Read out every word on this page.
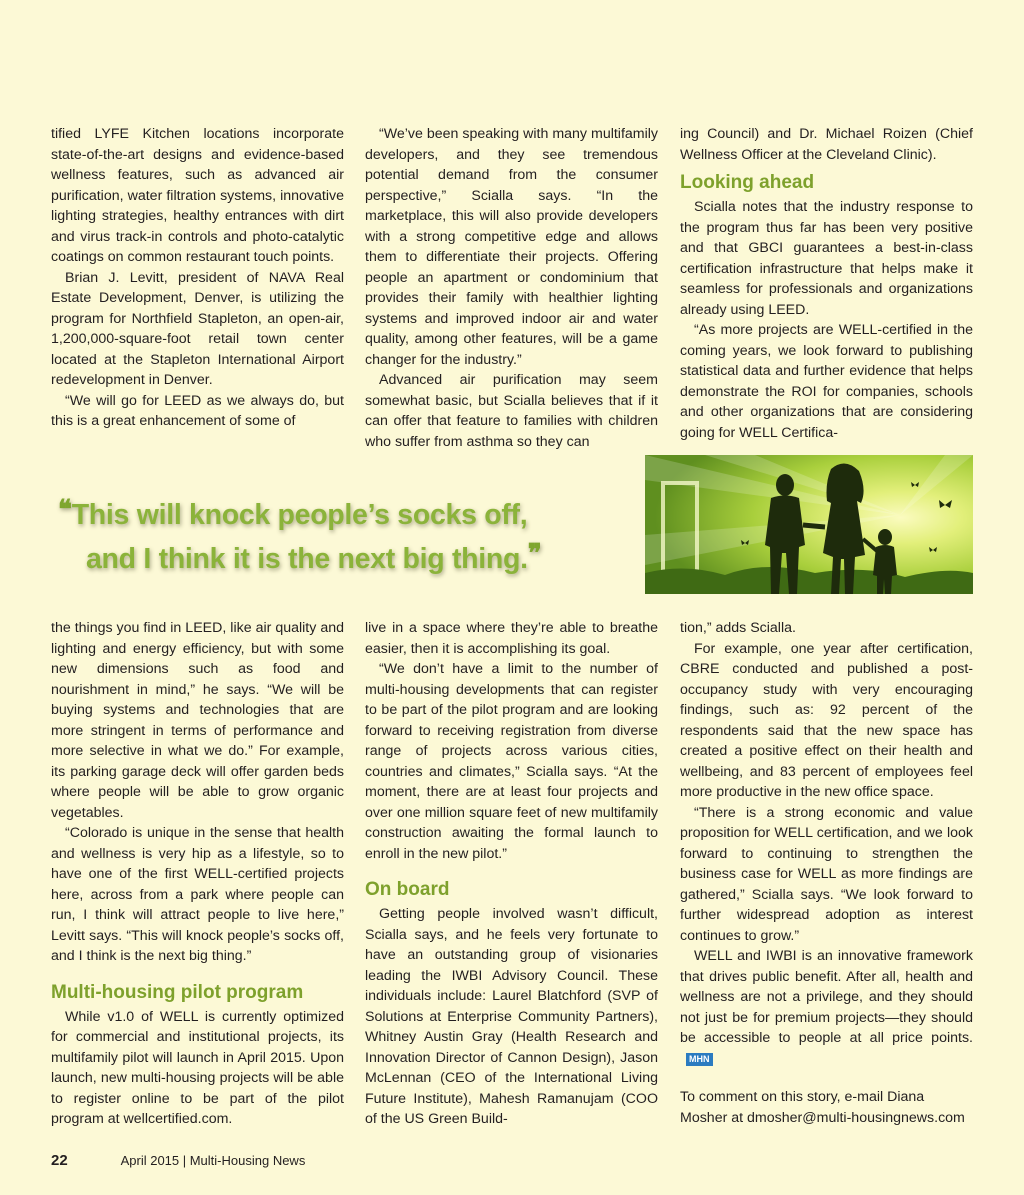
tified LYFE Kitchen locations incorporate state-of-the-art designs and evidence-based wellness features, such as advanced air purification, water filtration systems, innovative lighting strategies, healthy entrances with dirt and virus track-in controls and photo-catalytic coatings on common restaurant touch points.

Brian J. Levitt, president of NAVA Real Estate Development, Denver, is utilizing the program for Northfield Stapleton, an open-air, 1,200,000-square-foot retail town center located at the Stapleton International Airport redevelopment in Denver.

“We will go for LEED as we always do, but this is a great enhancement of some of

“We’ve been speaking with many multifamily developers, and they see tremendous potential demand from the consumer perspective,” Scialla says. “In the marketplace, this will also provide developers with a strong competitive edge and allows them to differentiate their projects. Offering people an apartment or condominium that provides their family with healthier lighting systems and improved indoor air and water quality, among other features, will be a game changer for the industry.”

Advanced air purification may seem somewhat basic, but Scialla believes that if it can offer that feature to families with children who suffer from asthma so they can

ing Council) and Dr. Michael Roizen (Chief Wellness Officer at the Cleveland Clinic).

Looking ahead

Scialla notes that the industry response to the program thus far has been very positive and that GBCI guarantees a best-in-class certification infrastructure that helps make it seamless for professionals and organizations already using LEED.

“As more projects are WELL-certified in the coming years, we look forward to publishing statistical data and further evidence that helps demonstrate the ROI for companies, schools and other organizations that are considering going for WELL Certifica-

❝This will knock people’s socks off,
and I think it is the next big thing.❞

the things you find in LEED, like air quality and lighting and energy efficiency, but with some new dimensions such as food and nourishment in mind,” he says. “We will be buying systems and technologies that are more stringent in terms of performance and more selective in what we do.” For example, its parking garage deck will offer garden beds where people will be able to grow organic vegetables.

“Colorado is unique in the sense that health and wellness is very hip as a lifestyle, so to have one of the first WELL-certified projects here, across from a park where people can run, I think will attract people to live here,” Levitt says. “This will knock people’s socks off, and I think is the next big thing.”

Multi-housing pilot program

While v1.0 of WELL is currently optimized for commercial and institutional projects, its multifamily pilot will launch in April 2015. Upon launch, new multi-housing projects will be able to register online to be part of the pilot program at wellcertified.com.

live in a space where they’re able to breathe easier, then it is accomplishing its goal.

“We don’t have a limit to the number of multi-housing developments that can register to be part of the pilot program and are looking forward to receiving registration from diverse range of projects across various cities, countries and climates,” Scialla says. “At the moment, there are at least four projects and over one million square feet of new multifamily construction awaiting the formal launch to enroll in the new pilot.”

On board

Getting people involved wasn’t difficult, Scialla says, and he feels very fortunate to have an outstanding group of visionaries leading the IWBI Advisory Council. These individuals include: Laurel Blatchford (SVP of Solutions at Enterprise Community Partners), Whitney Austin Gray (Health Research and Innovation Director of Cannon Design), Jason McLennan (CEO of the International Living Future Institute), Mahesh Ramanujam (COO of the US Green Build-

tion,” adds Scialla.

For example, one year after certification, CBRE conducted and published a post-occupancy study with very encouraging findings, such as: 92 percent of the respondents said that the new space has created a positive effect on their health and wellbeing, and 83 percent of employees feel more productive in the new office space.

“There is a strong economic and value proposition for WELL certification, and we look forward to continuing to strengthen the business case for WELL as more findings are gathered,” Scialla says. “We look forward to further widespread adoption as interest continues to grow.”

WELL and IWBI is an innovative framework that drives public benefit. After all, health and wellness are not a privilege, and they should not just be for premium projects—they should be accessible to people at all price points.MHN

To comment on this story, e-mail Diana Mosher at dmosher@multi-housingnews.com

22	April 2015 | Multi-Housing News
